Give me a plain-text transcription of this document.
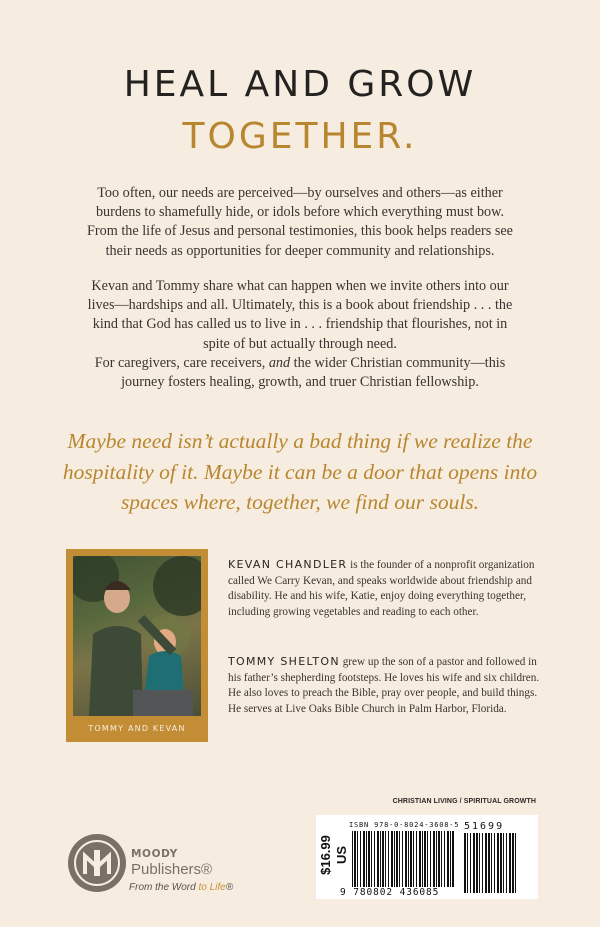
HEAL AND GROW
TOGETHER.
Too often, our needs are perceived—by ourselves and others—as either burdens to shamefully hide, or idols before which everything must bow. From the life of Jesus and personal testimonies, this book helps readers see their needs as opportunities for deeper community and relationships.
Kevan and Tommy share what can happen when we invite others into our lives—hardships and all. Ultimately, this is a book about friendship . . . the kind that God has called us to live in . . . friendship that flourishes, not in spite of but actually through need.
For caregivers, care receivers, and the wider Christian community—this journey fosters healing, growth, and truer Christian fellowship.
Maybe need isn’t actually a bad thing if we realize the hospitality of it. Maybe it can be a door that opens into spaces where, together, we find our souls.
TOMMY AND KEVAN
KEVAN CHANDLER is the founder of a nonprofit organization called We Carry Kevan, and speaks worldwide about friendship and disability. He and his wife, Katie, enjoy doing everything together, including growing vegetables and reading to each other.
TOMMY SHELTON grew up the son of a pastor and followed in his father’s shepherding footsteps. He loves his wife and six children. He also loves to preach the Bible, pray over people, and build things. He serves at Live Oaks Bible Church in Palm Harbor, Florida.
CHRISTIAN LIVING / SPIRITUAL GROWTH
MOODY
Publishers®
From the Word to Life®
$16.99 US
ISBN 978-0-8024-3608-5 51699
9 780802 436085
